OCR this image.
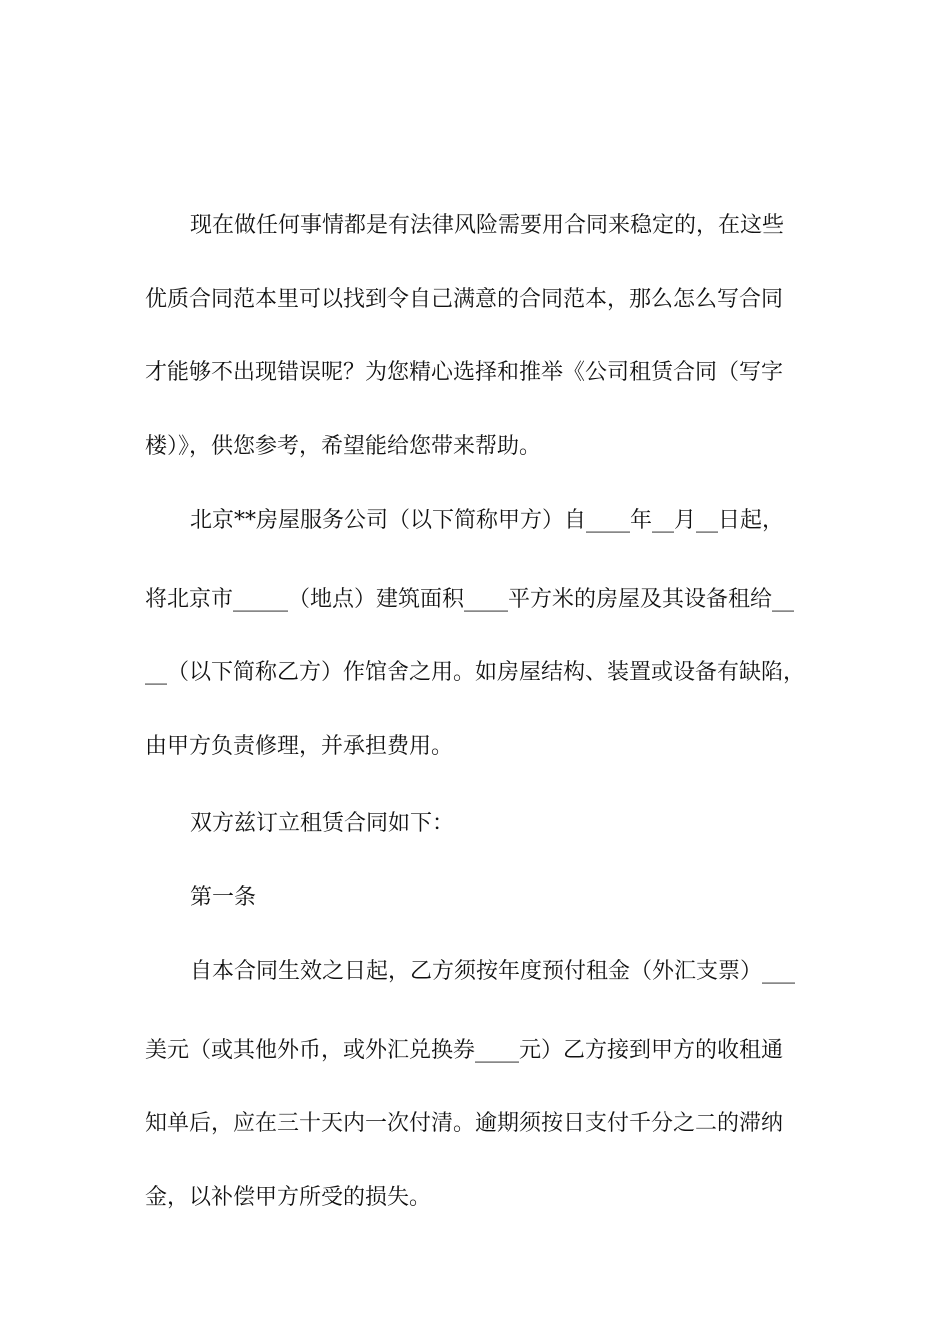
现在做任何事情都是有法律风险需要用合同来稳定的，在这些
优质合同范本里可以找到令自己满意的合同范本，那么怎么写合同
才能够不出现错误呢？为您精心选择和推举《公司租赁合同（写字
楼）》，供您参考，希望能给您带来帮助。
北京**房屋服务公司（以下简称甲方）自____年__月__日起，
将北京市_____（地点）建筑面积____平方米的房屋及其设备租给__
__（以下简称乙方）作馆舍之用。如房屋结构、装置或设备有缺陷，
由甲方负责修理，并承担费用。
双方兹订立租赁合同如下：
第一条
自本合同生效之日起，乙方须按年度预付租金（外汇支票）___
美元（或其他外币，或外汇兑换券____元）乙方接到甲方的收租通
知单后，应在三十天内一次付清。逾期须按日支付千分之二的滞纳
金，以补偿甲方所受的损失。
